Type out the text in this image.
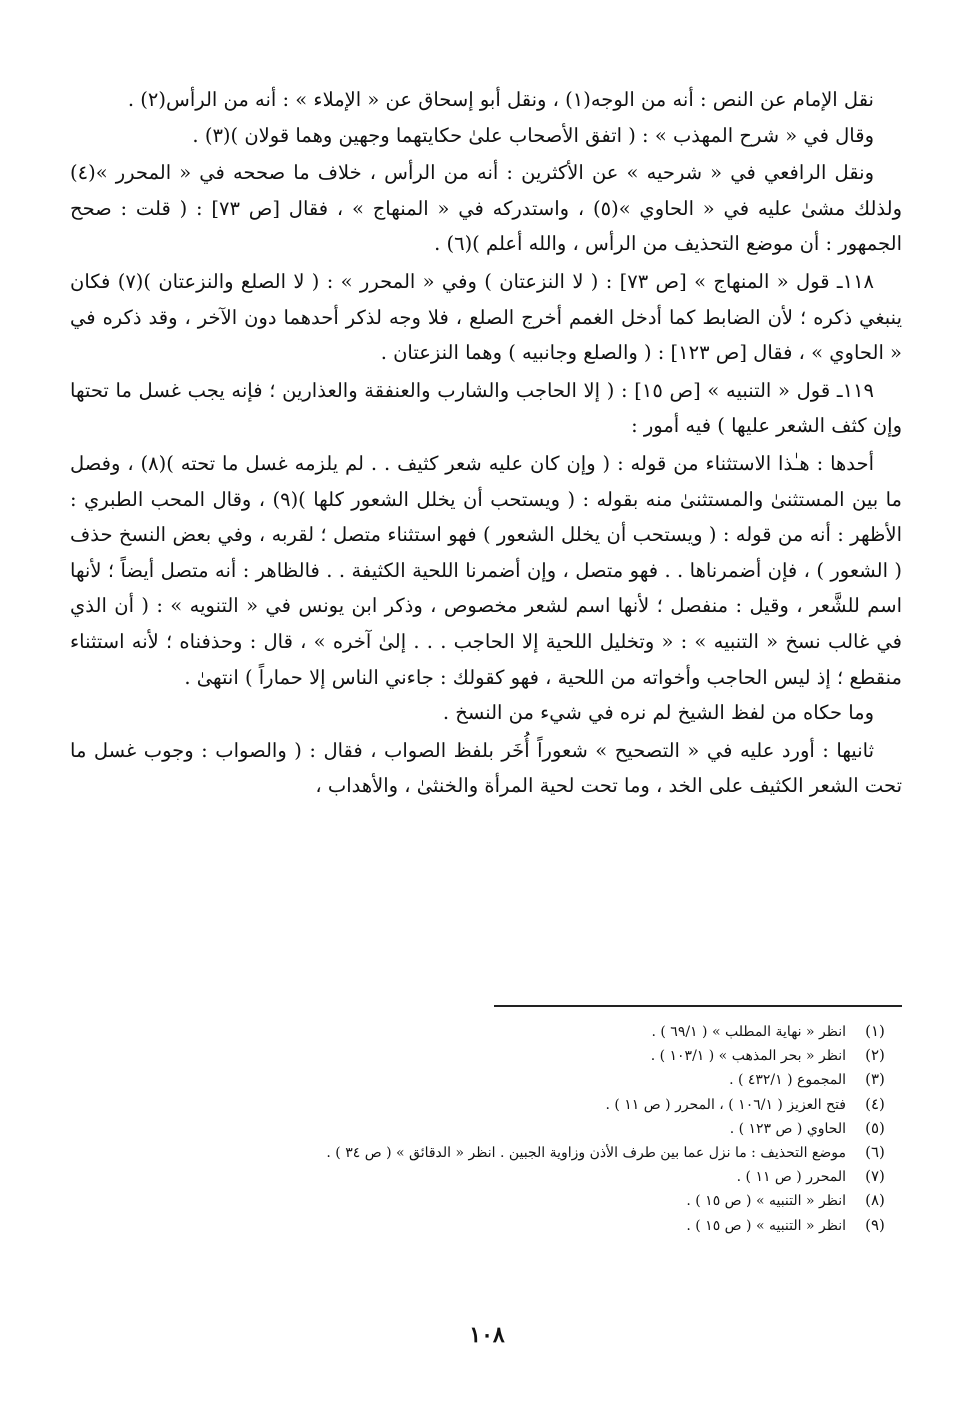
نقل الإمام عن النص : أنه من الوجه(١) ، ونقل أبو إسحاق عن « الإملاء » : أنه من الرأس(٢) .

وقال في « شرح المهذب » : ( اتفق الأصحاب علىٰ حكايتهما وجهين وهما قولان )(٣) .

ونقل الرافعي في « شرحيه » عن الأكثرين : أنه من الرأس ، خلاف ما صححه في « المحرر »(٤) ولذلك مشىٰ عليه في « الحاوي »(٥) ، واستدركه في « المنهاج » ، فقال [ص ٧٣] : ( قلت : صحح الجمهور : أن موضع التحذيف من الرأس ، والله أعلم )(٦) .

١١٨ـ قول « المنهاج » [ص ٧٣] : ( لا النزعتان ) وفي « المحرر » : ( لا الصلع والنزعتان )(٧) فكان ينبغي ذكره ؛ لأن الضابط كما أدخل الغمم أخرج الصلع ، فلا وجه لذكر أحدهما دون الآخر ، وقد ذكره في « الحاوي » ، فقال [ص ١٢٣] : ( والصلع وجانبيه ) وهما النزعتان .

١١٩ـ قول « التنبيه » [ص ١٥] : ( إلا الحاجب والشارب والعنفقة والعذارين ؛ فإنه يجب غسل ما تحتها وإن كثف الشعر عليها ) فيه أمور :

أحدها : هـٰذا الاستثناء من قوله : ( وإن كان عليه شعر كثيف . . لم يلزمه غسل ما تحته )(٨) ، وفصل ما بين المستثنىٰ والمستثنىٰ منه بقوله : ( ويستحب أن يخلل الشعور كلها )(٩) ، وقال المحب الطبري : الأظهر : أنه من قوله : ( ويستحب أن يخلل الشعور ) فهو استثناء متصل ؛ لقربه ، وفي بعض النسخ حذف ( الشعور ) ، فإن أضمرناها . . فهو متصل ، وإن أضمرنا اللحية الكثيفة . . فالظاهر : أنه متصل أيضاً ؛ لأنها اسم للشَّعر ، وقيل : منفصل ؛ لأنها اسم لشعر مخصوص ، وذكر ابن يونس في « التنويه » : ( أن الذي في غالب نسخ « التنبيه » : « وتخليل اللحية إلا الحاجب . . . إلىٰ آخره » ، قال : وحذفناه ؛ لأنه استثناء منقطع ؛ إذ ليس الحاجب وأخواته من اللحية ، فهو كقولك : جاءني الناس إلا حماراً ) انتهىٰ .

وما حكاه من لفظ الشيخ لم نره في شيء من النسخ .

ثانيها : أورد عليه في « التصحيح » شعوراً أُخَر بلفظ الصواب ، فقال : ( والصواب : وجوب غسل ما تحت الشعر الكثيف على الخد ، وما تحت لحية المرأة والخنثىٰ ، والأهداب ،

(١)
انظر « نهاية المطلب » ( ٦٩/١ ) .
(٢)
انظر « بحر المذهب » ( ١٠٣/١ ) .
(٣)
المجموع ( ٤٣٢/١ ) .
(٤)
فتح العزيز ( ١٠٦/١ ) ، المحرر ( ص ١١ ) .
(٥)
الحاوي ( ص ١٢٣ ) .
(٦)
موضع التحذيف : ما نزل عما بين طرف الأذن وزاوية الجبين . انظر « الدقائق » ( ص ٣٤ ) .
(٧)
المحرر ( ص ١١ ) .
(٨)
انظر « التنبيه » ( ص ١٥ ) .
(٩)
انظر « التنبيه » ( ص ١٥ ) .
١٠٨
